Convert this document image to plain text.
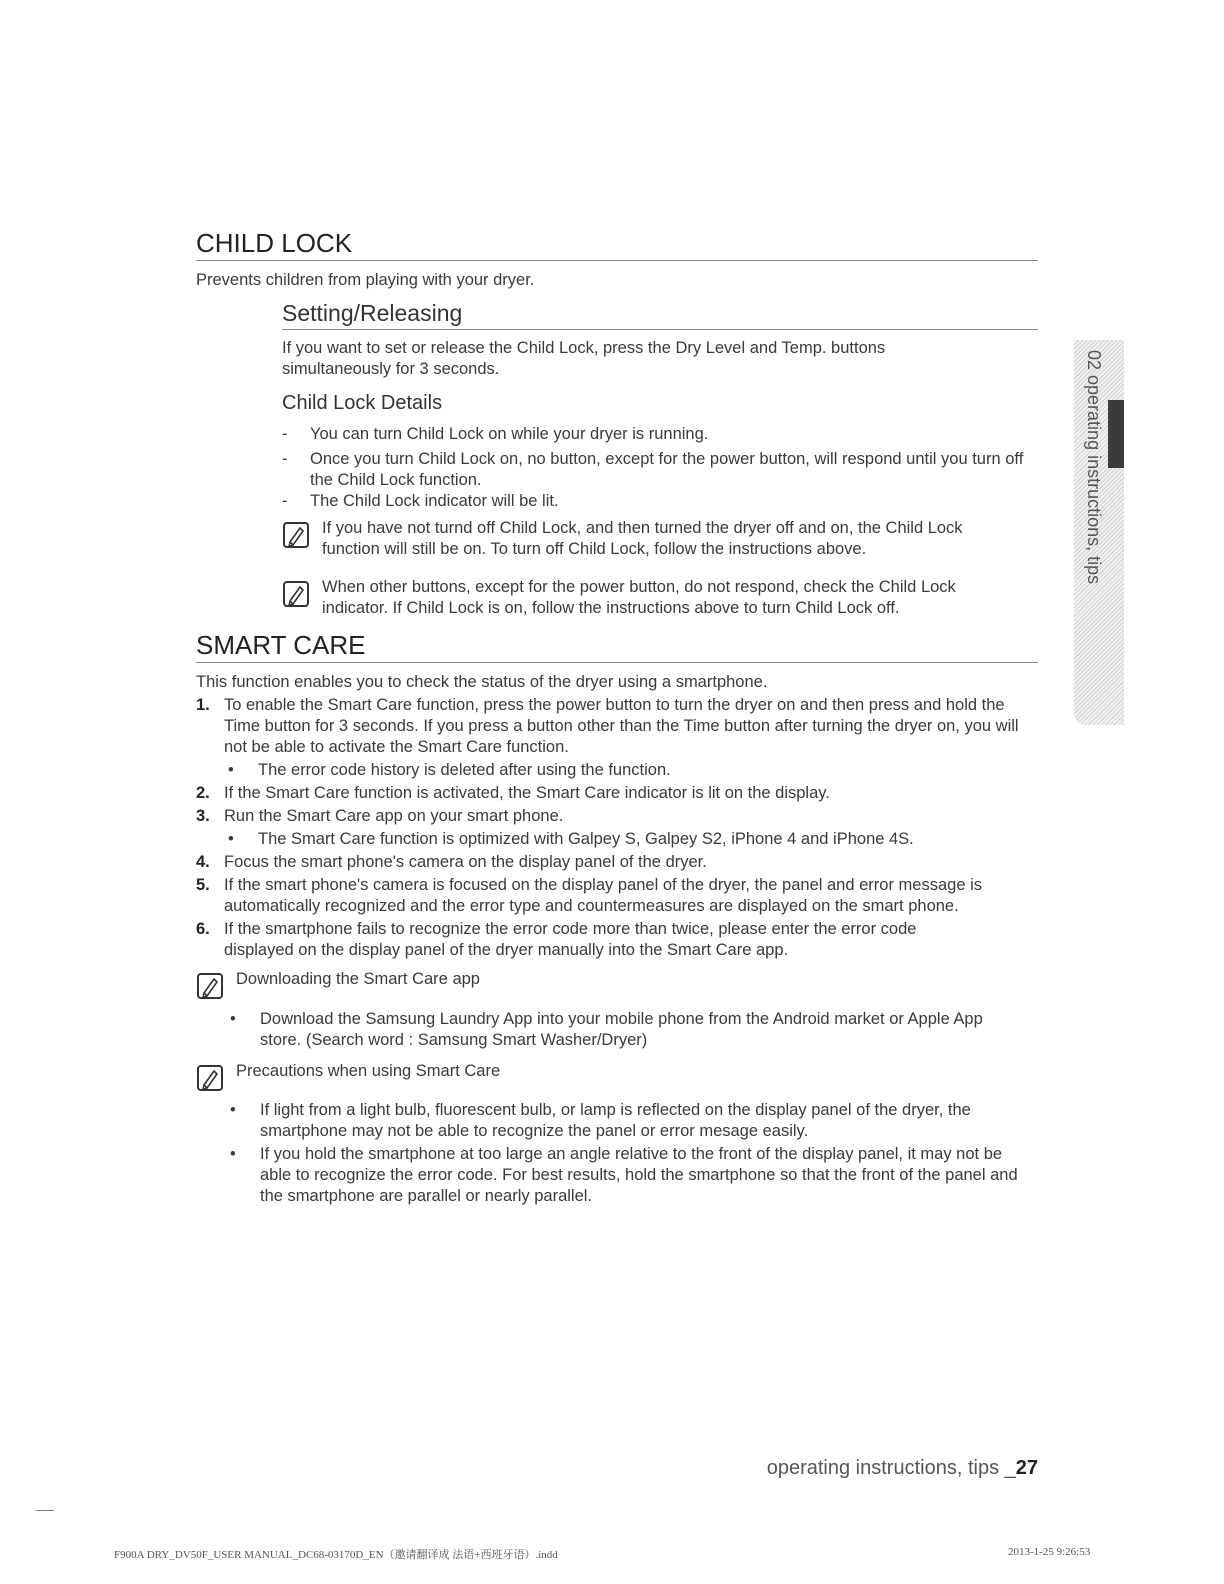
CHILD LOCK
Prevents children from playing with your dryer.
Setting/Releasing
If you want to set or release the Child Lock, press the Dry Level and Temp. buttons simultaneously for 3 seconds.
Child Lock Details
- You can turn Child Lock on while your dryer is running.
- Once you turn Child Lock on, no button, except for the power button, will respond until you turn off the Child Lock function.
- The Child Lock indicator will be lit.
If you have not turnd off Child Lock, and then turned the dryer off and on, the Child Lock function will still be on. To turn off Child Lock, follow the instructions above.
When other buttons, except for the power button, do not respond, check the Child Lock indicator. If Child Lock is on, follow the instructions above to turn Child Lock off.
SMART CARE
This function enables you to check the status of the dryer using a smartphone.
1. To enable the Smart Care function, press the power button to turn the dryer on and then press and hold the Time button for 3 seconds. If you press a button other than the Time button after turning the dryer on, you will not be able to activate the Smart Care function.
• The error code history is deleted after using the function.
2. If the Smart Care function is activated, the Smart Care indicator is lit on the display.
3. Run the Smart Care app on your smart phone.
• The Smart Care function is optimized with Galpey S, Galpey S2, iPhone 4 and iPhone 4S.
4. Focus the smart phone's camera on the display panel of the dryer.
5. If the smart phone's camera is focused on the display panel of the dryer, the panel and error message is automatically recognized and the error type and countermeasures are displayed on the smart phone.
6. If the smartphone fails to recognize the error code more than twice, please enter the error code displayed on the display panel of the dryer manually into the Smart Care app.
Downloading the Smart Care app
• Download the Samsung Laundry App into your mobile phone from the Android market or Apple App store. (Search word : Samsung Smart Washer/Dryer)
Precautions when using Smart Care
• If light from a light bulb, fluorescent bulb, or lamp is reflected on the display panel of the dryer, the smartphone may not be able to recognize the panel or error mesage easily.
• If you hold the smartphone at too large an angle relative to the front of the display panel, it may not be able to recognize the error code. For best results, hold the smartphone so that the front of the panel and the smartphone are parallel or nearly parallel.
02 operating instructions, tips
operating instructions, tips _27
F900A DRY_DV50F_USER MANUAL_DC68-03170D_EN（邀请翻译成 法语+西班牙语）.indd	2013-1-25 9:26:53
